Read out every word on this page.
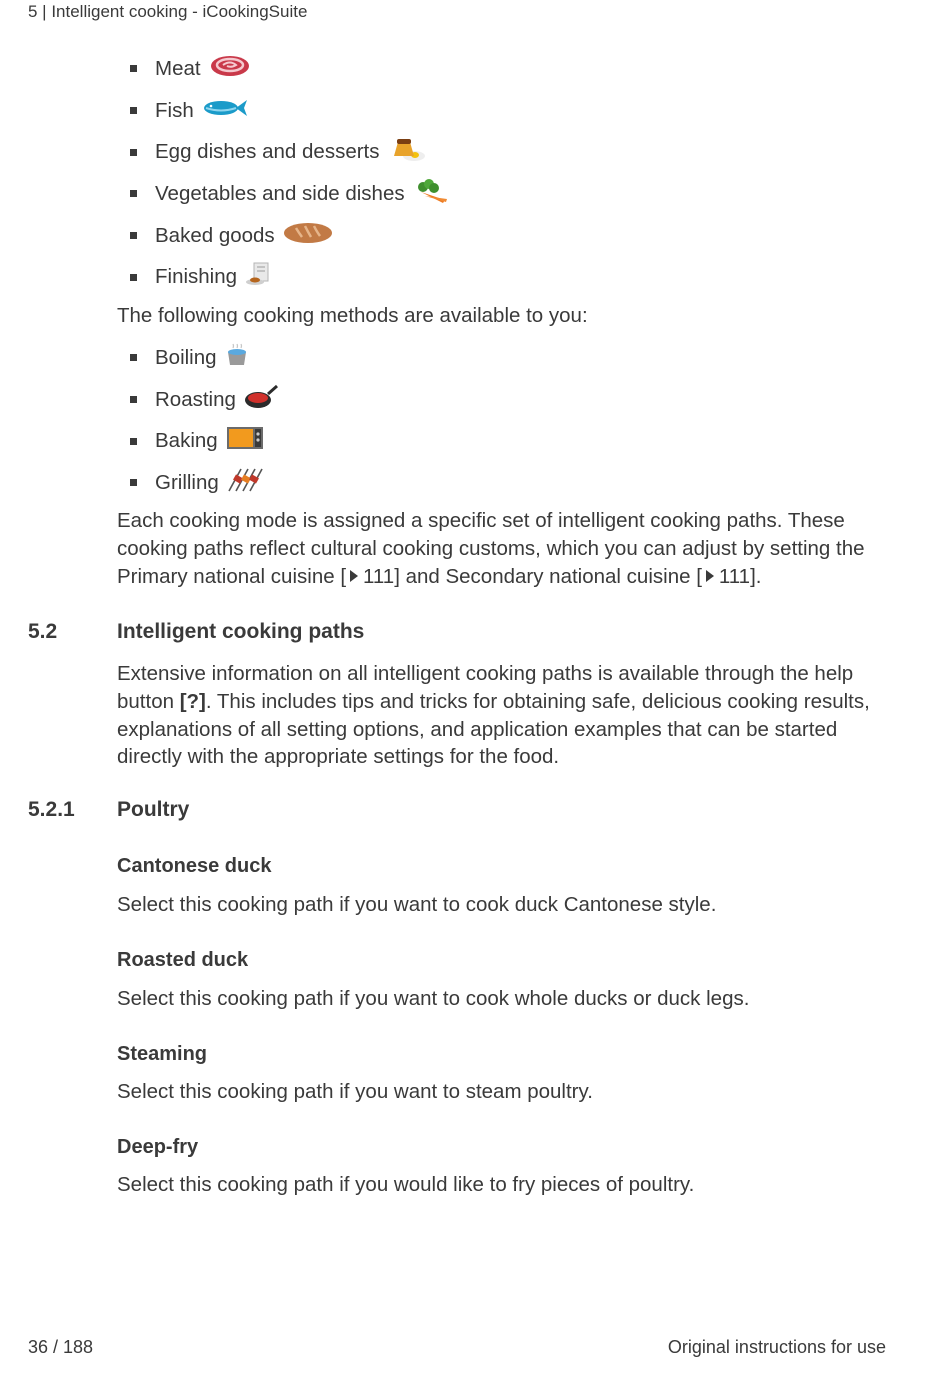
5 | Intelligent cooking - iCookingSuite
Meat
Fish
Egg dishes and desserts
Vegetables and side dishes
Baked goods
Finishing

The following cooking methods are available to you:

Boiling
Roasting
Baking
Grilling

Each cooking mode is assigned a specific set of intelligent cooking paths. These cooking paths reflect cultural cooking customs, which you can adjust by setting the Primary national cuisine [ 111] and Secondary national cuisine [ 111].

5.2	Intelligent cooking paths

Extensive information on all intelligent cooking paths is available through the help button [?]. This includes tips and tricks for obtaining safe, delicious cooking results, explanations of all setting options, and application examples that can be started directly with the appropriate settings for the food.

5.2.1 Poultry
Cantonese duck
Select this cooking path if you want to cook duck Cantonese style.
Roasted duck
Select this cooking path if you want to cook whole ducks or duck legs.
Steaming
Select this cooking path if you want to steam poultry.
Deep-fry
Select this cooking path if you would like to fry pieces of poultry.
36 / 188	Original instructions for use
